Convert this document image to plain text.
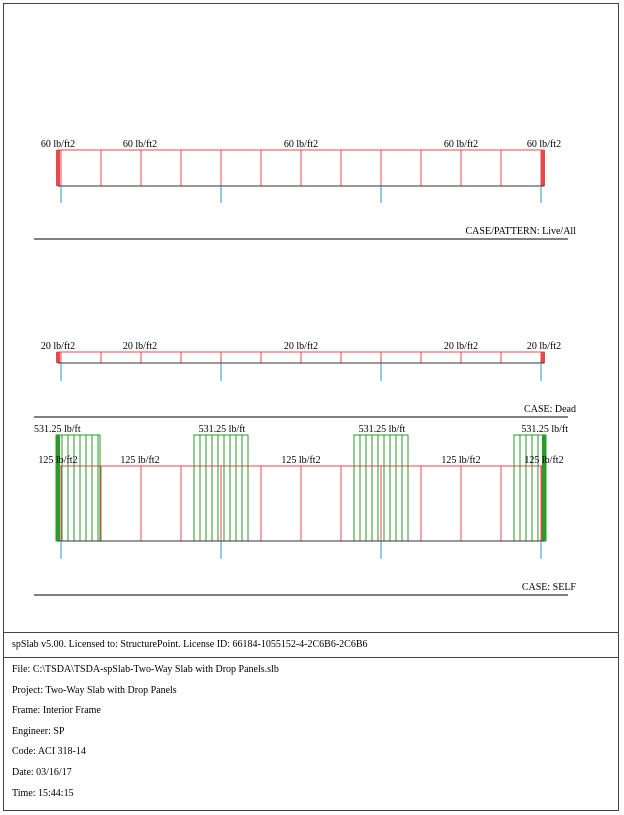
60 lb/ft2	60 lb/ft2	60 lb/ft2	60 lb/ft2	60 lb/ft2
CASE/PATTERN: Live/All
20 lb/ft2	20 lb/ft2	20 lb/ft2	20 lb/ft2	20 lb/ft2
CASE: Dead
531.25 lb/ft	531.25 lb/ft	531.25 lb/ft	531.25 lb/ft
125 lb/ft2	125 lb/ft2	125 lb/ft2	125 lb/ft2	125 lb/ft2
CASE: SELF
spSlab v5.00. Licensed to: StructurePoint. License ID: 66184-1055152-4-2C6B6-2C6B6
File: C:\TSDA\TSDA-spSlab-Two-Way Slab with Drop Panels.slb
Project: Two-Way Slab with Drop Panels
Frame: Interior Frame
Engineer: SP
Code: ACI 318-14
Date: 03/16/17
Time: 15:44:15
